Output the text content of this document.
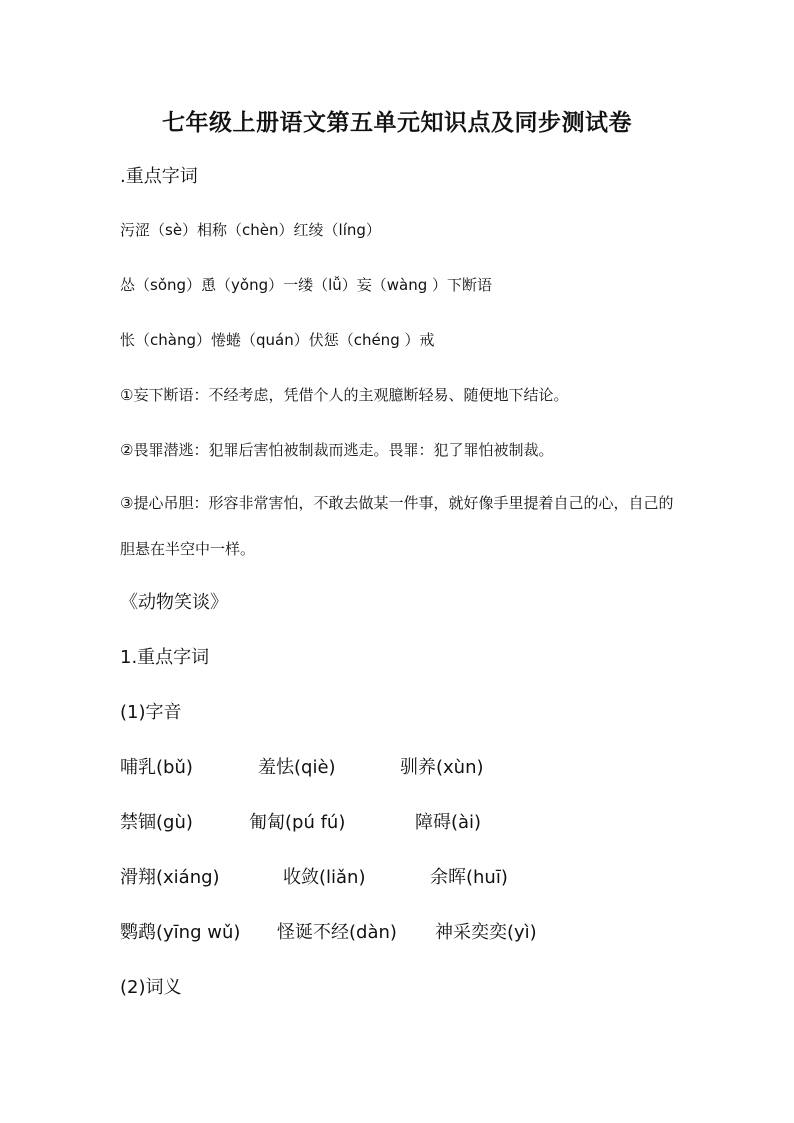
七年级上册语文第五单元知识点及同步测试卷
.重点字词
污涩（sè）相称（chèn）红绫（líng）
怂（sǒng）恿（yǒng）一缕（lǚ）妄（wàng ）下断语
怅（chàng）惓蜷（quán）伏惩（chéng ）戒
①妄下断语：不经考虑，凭借个人的主观臆断轻易、随便地下结论。
②畏罪潜逃：犯罪后害怕被制裁而逃走。畏罪：犯了罪怕被制裁。
③提心吊胆：形容非常害怕，不敢去做某一件事，就好像手里提着自己的心，自己的胆悬在半空中一样。
《动物笑谈》
1.重点字词
(1)字音
哺乳(bǔ)	羞怯(qiè)	驯养(xùn)
禁锢(gù)	匍匐(pú fú)	障碍(ài)
滑翔(xiáng)	收敛(liǎn)	余晖(huī)
鹦鹉(yīng wǔ) 怪诞不经(dàn) 神采奕奕(yì)
(2)词义
